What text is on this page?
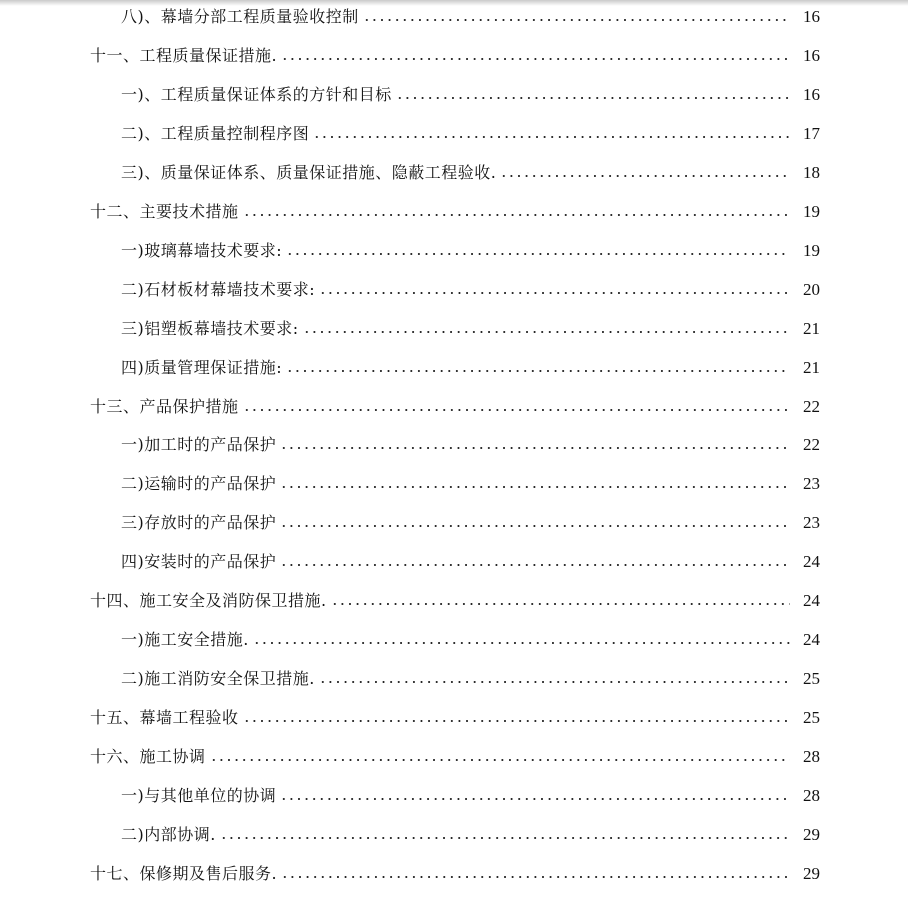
八)、幕墙分部工程质量验收控制	16
十一、工程质量保证措施.	16
一)、工程质量保证体系的方针和目标	16
二)、工程质量控制程序图	17
三)、质量保证体系、质量保证措施、隐蔽工程验收.	18
十二、主要技术措施	19
一)玻璃幕墙技术要求:	19
二)石材板材幕墙技术要求:	20
三)铝塑板幕墙技术要求:	21
四)质量管理保证措施:	21
十三、产品保护措施	22
一)加工时的产品保护	22
二)运输时的产品保护	23
三)存放时的产品保护	23
四)安装时的产品保护	24
十四、施工安全及消防保卫措施.	24
一)施工安全措施.	24
二)施工消防安全保卫措施.	25
十五、幕墙工程验收	25
十六、施工协调	28
一)与其他单位的协调	28
二)内部协调.	29
十七、保修期及售后服务.	29
